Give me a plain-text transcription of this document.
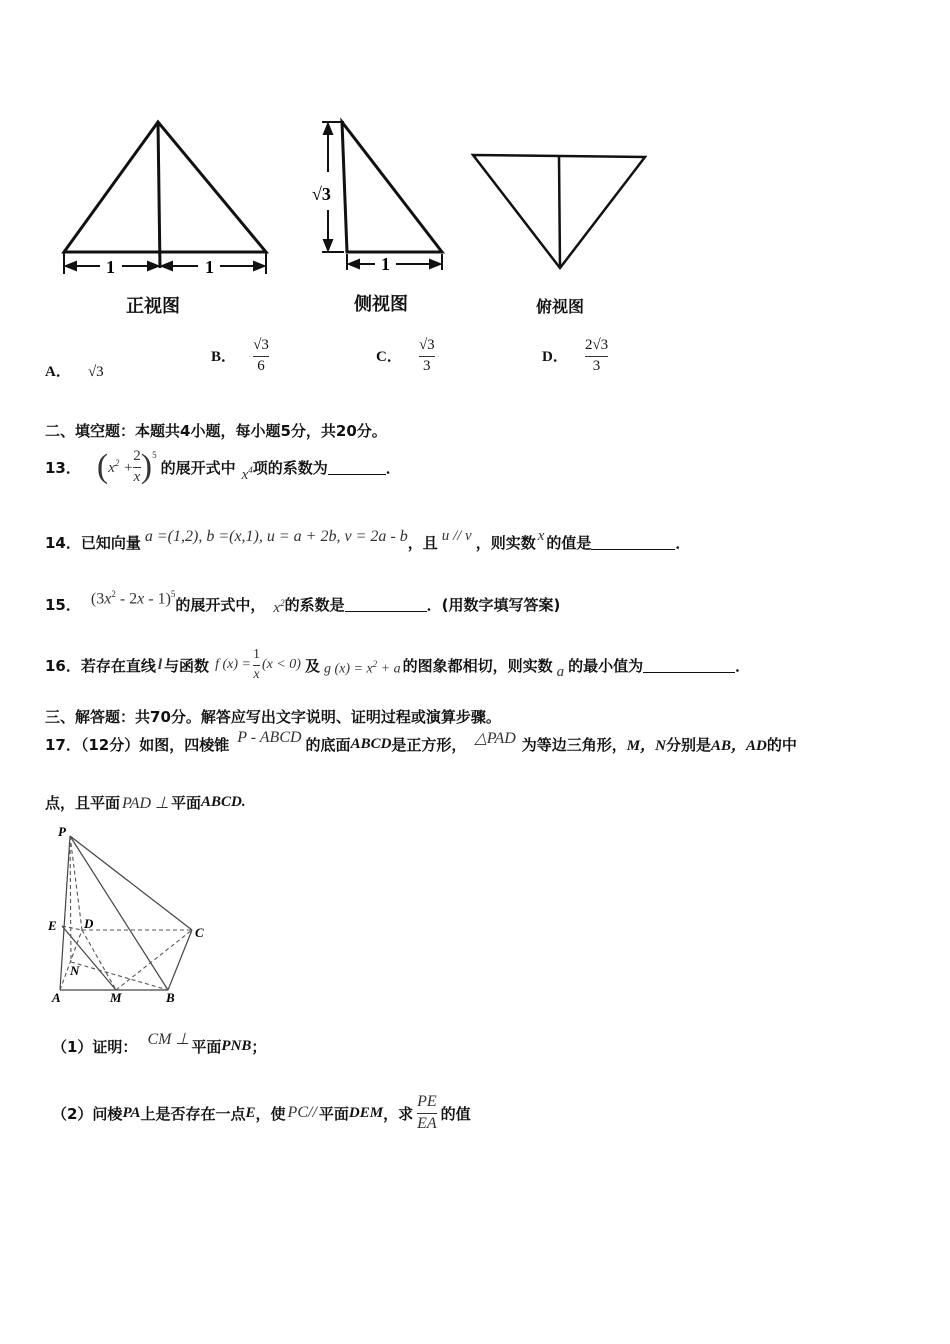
1	1
√3
1
正视图	侧视图	俯视图
A． √3
B． $\frac{√3}{6}$	C． $\frac{√3}{3}$	D． $\frac{2√3}{3}$
二、填空题：本题共4小题，每小题5分，共20分。
13． ( $x^2 + \frac{2}{x} )^5$
的展开式中 $x^4$ 项的系数为	．
14．已知向量 a =(1,2), b =(x,1), u = a + 2b, v = 2a - b ，且 u // v ，则实数 x 的值是	．
15． $(3x^2 - 2x - 1)^5$
的展开式中， $x^2$ 的系数是	．(用数字填写答案)
16．若存在直线 l 与函数 f $(x) = \frac{1}{x} (x < 0)$ 及 g $(x) = x^2 + a$ 的图象都相切，则实数 a 的最小值为	．
三、解答题：共70分。解答应写出文字说明、证明过程或演算步骤。
17．（12分）如图，四棱锥 P - ABCD 的底面 ABCD 是正方形， △PAD 为等边三角形， M，N 分别是 AB，AD 的中
点，且平面 PAD ⊥ 平面 ABCD.
P
E D
C
N
A	M	B
（1）证明： CM ⊥ 平面 PNB ；
（2）问棱 PA 上是否存在一点 E ，使 PC// 平面 DEM ，求 $\frac{PE}{EA}$ 的值
